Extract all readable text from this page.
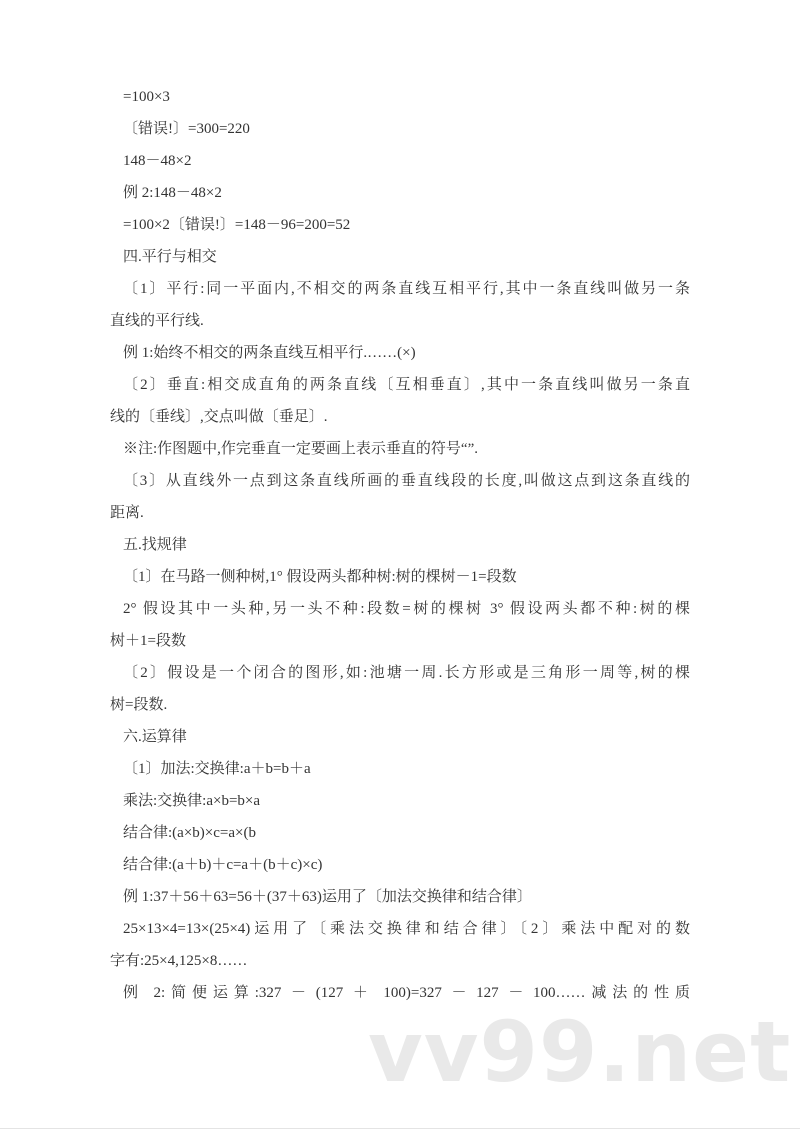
=100×3
〔错误!〕=300=220
148－48×2
例 2:148－48×2
=100×2〔错误!〕=148－96=200=52
四.平行与相交
〔1〕平行:同一平面内,不相交的两条直线互相平行,其中一条直线叫做另一条
直线的平行线.
例 1:始终不相交的两条直线互相平行.……(×)
〔2〕垂直:相交成直角的两条直线〔互相垂直〕,其中一条直线叫做另一条直
线的〔垂线〕,交点叫做〔垂足〕.
※注:作图题中,作完垂直一定要画上表示垂直的符号“”.
〔3〕从直线外一点到这条直线所画的垂直线段的长度,叫做这点到这条直线的
距离.
五.找规律
〔1〕在马路一侧种树,1° 假设两头都种树:树的棵树－1=段数
2° 假设其中一头种,另一头不种:段数=树的棵树 3° 假设两头都不种:树的棵
树＋1=段数
〔2〕假设是一个闭合的图形,如:池塘一周.长方形或是三角形一周等,树的棵
树=段数.
六.运算律
〔1〕加法:交换律:a＋b=b＋a
乘法:交换律:a×b=b×a
结合律:(a×b)×c=a×(b
结合律:(a＋b)＋c=a＋(b＋c)×c)
例 1:37＋56＋63=56＋(37＋63)运用了〔加法交换律和结合律〕
25×13×4=13×(25×4)运用了〔乘法交换律和结合律〕〔2〕乘法中配对的数
字有:25×4,125×8……
例 2:简便运算:327 － (127 ＋ 100)=327 － 127 － 100……减法的性质
vv99.net
